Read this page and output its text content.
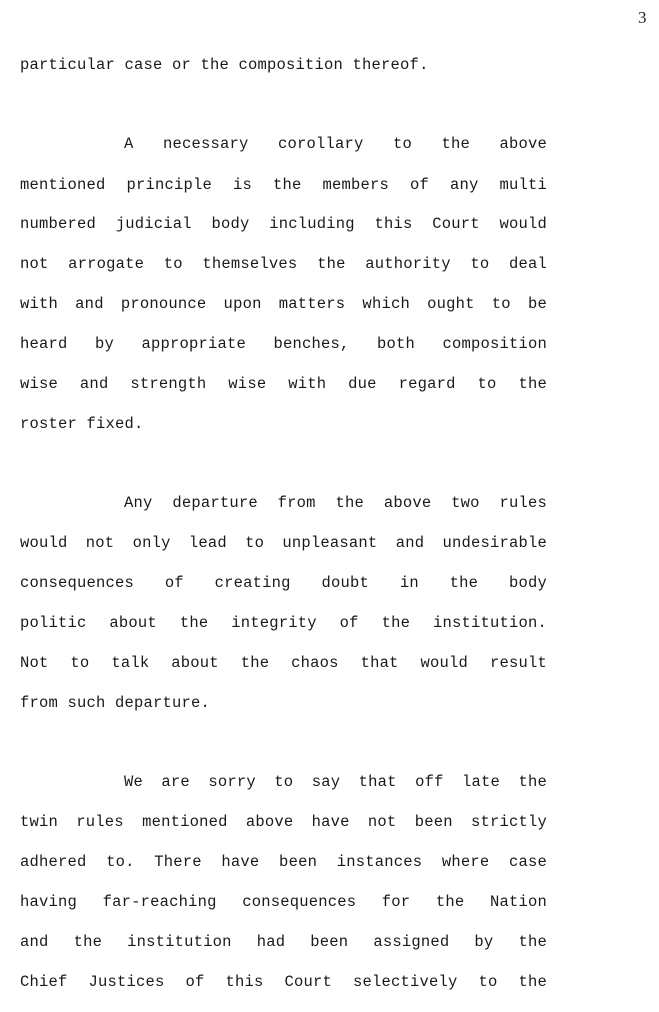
3
particular case or the composition thereof.
A necessary corollary to the above
mentioned principle is the members of any multi
numbered judicial body including this Court would
not arrogate to themselves the authority to deal
with and pronounce upon matters which ought to be
heard by appropriate benches, both composition
wise and strength wise with due regard to the
roster fixed.
Any departure from the above two rules
would not only lead to unpleasant and undesirable
consequences of creating doubt in the body
politic about the integrity of the institution.
Not to talk about the chaos that would result
from such departure.
We are sorry to say that off late the
twin rules mentioned above have not been strictly
adhered to. There have been instances where case
having far-reaching consequences for the Nation
and the institution had been assigned by the
Chief Justices of this Court selectively to the
